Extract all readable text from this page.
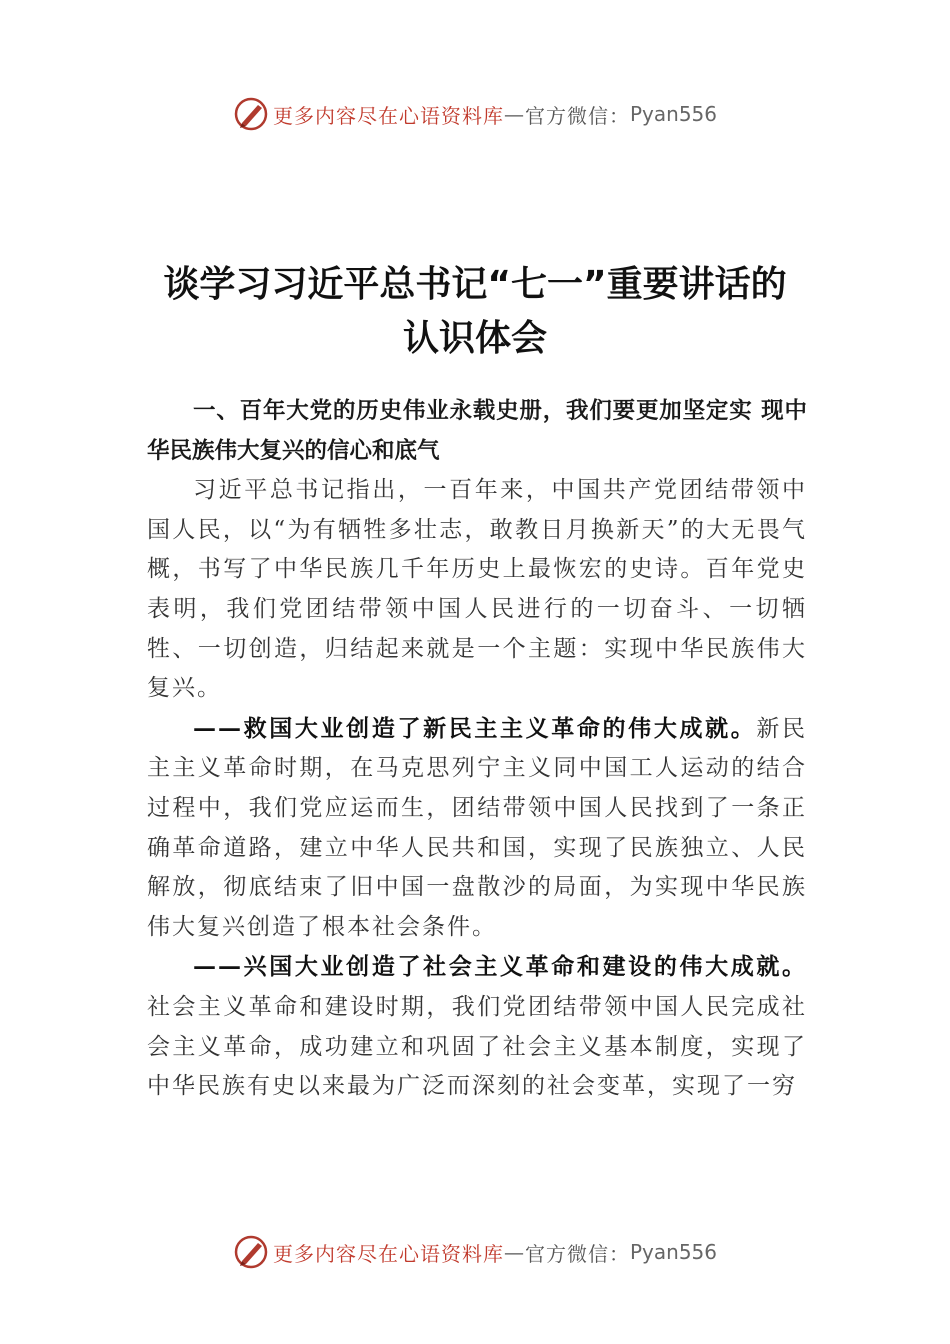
更多内容尽在心语资料库 — 官方微信： Pyan556
谈学习习近平总书记“七一”重要讲话的
认识体会

一、百年大党的历史伟业永载史册，我们要更加坚定实 现中华民族伟大复兴的信心和底气

习近平总书记指出，一百年来，中国共产党团结带领中国人民，以“为有牺牲多壮志，敢教日月换新天”的大无畏气概，书写了中华民族几千年历史上最恢宏的史诗。百年党史表明，我们党团结带领中国人民进行的一切奋斗、一切牺牲、一切创造，归结起来就是一个主题：实现中华民族伟大复兴。

——救国大业创造了新民主主义革命的伟大成就。新民主主义革命时期，在马克思列宁主义同中国工人运动的结合过程中，我们党应运而生，团结带领中国人民找到了一条正确革命道路，建立中华人民共和国，实现了民族独立、人民解放，彻底结束了旧中国一盘散沙的局面，为实现中华民族伟大复兴创造了根本社会条件。

——兴国大业创造了社会主义革命和建设的伟大成就。社会主义革命和建设时期，我们党团结带领中国人民完成社会主义革命，成功建立和巩固了社会主义基本制度，实现了中华民族有史以来最为广泛而深刻的社会变革，实现了一穷

更多内容尽在心语资料库 — 官方微信： Pyan556
